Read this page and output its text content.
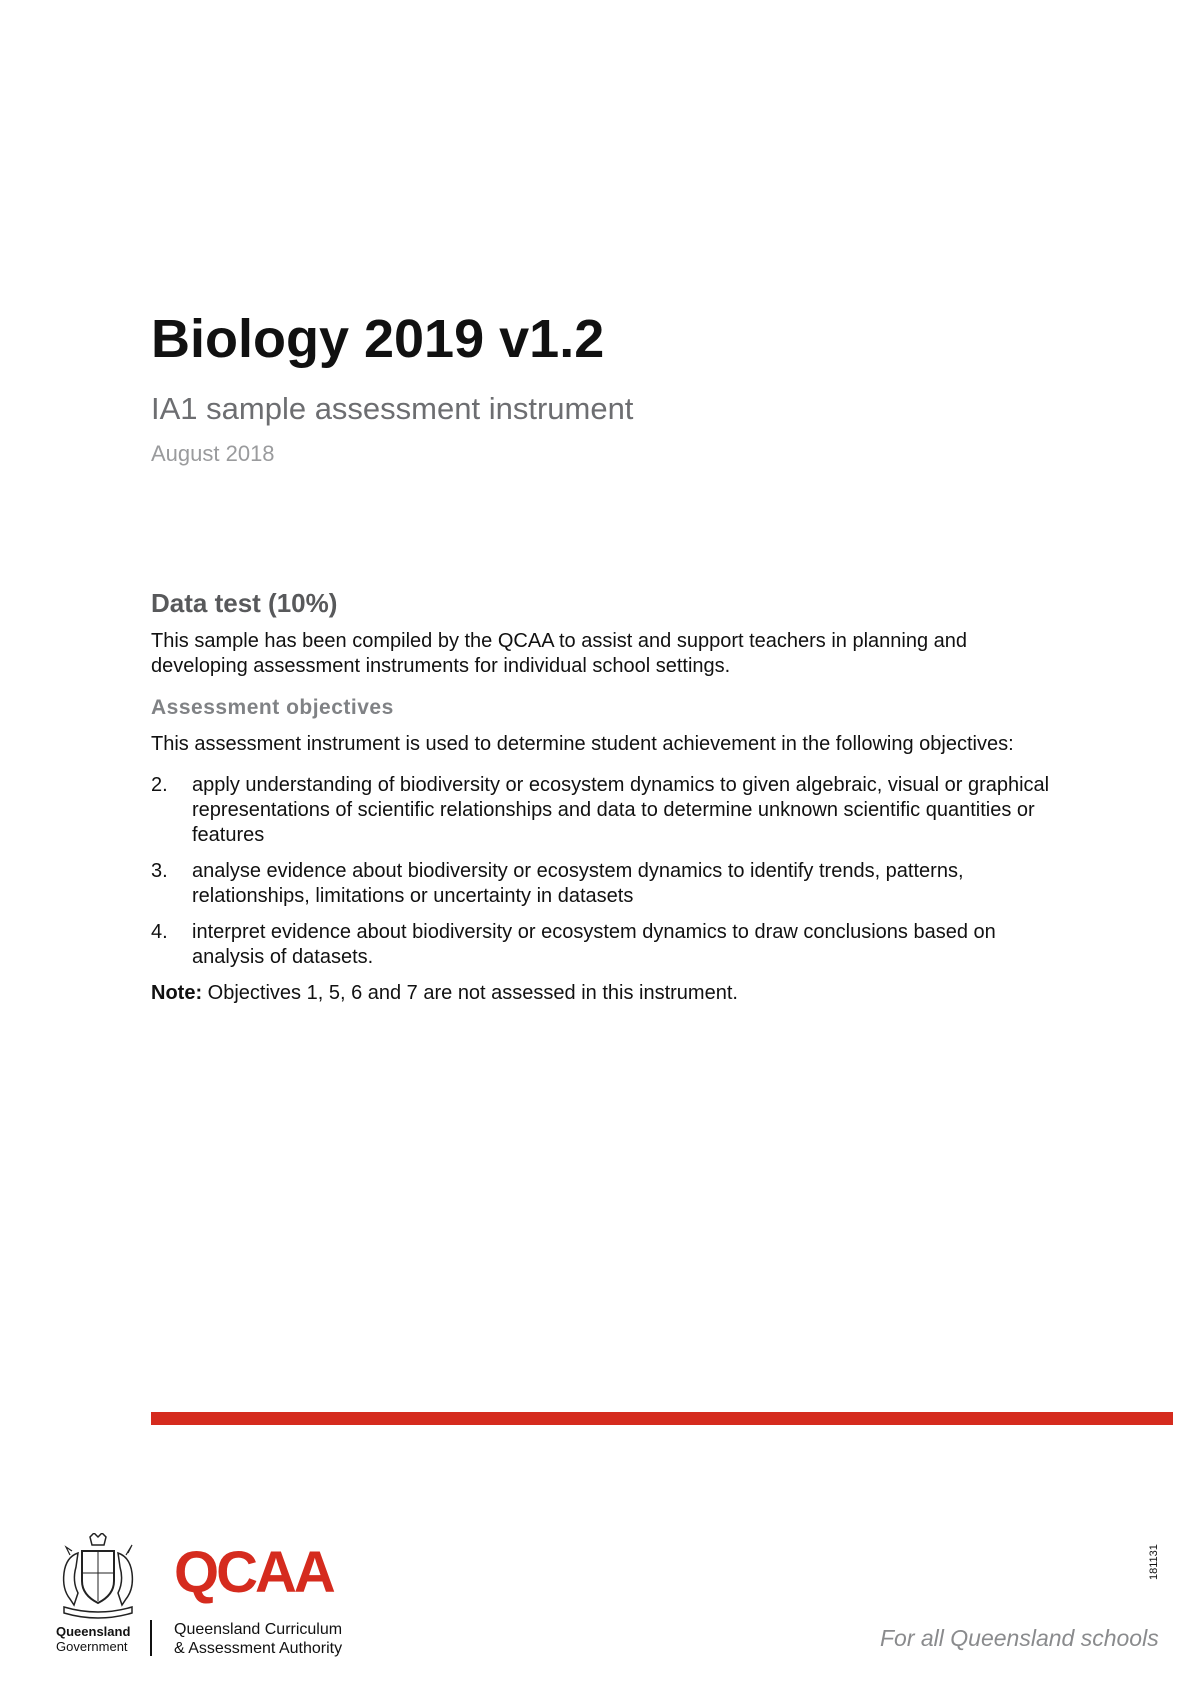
Biology 2019 v1.2

IA1 sample assessment instrument

August 2018

Data test (10%)

This sample has been compiled by the QCAA to assist and support teachers in planning and developing assessment instruments for individual school settings.

Assessment objectives

This assessment instrument is used to determine student achievement in the following objectives:

2.	apply understanding of biodiversity or ecosystem dynamics to given algebraic, visual or graphical representations of scientific relationships and data to determine unknown scientific quantities or features
3.	analyse evidence about biodiversity or ecosystem dynamics to identify trends, patterns, relationships, limitations or uncertainty in datasets
4.	interpret evidence about biodiversity or ecosystem dynamics to draw conclusions based on analysis of datasets.

Note: Objectives 1, 5, 6 and 7 are not assessed in this instrument.

Queensland
Government
QCAA
Queensland Curriculum
& Assessment Authority	For all Queensland schools
181131
